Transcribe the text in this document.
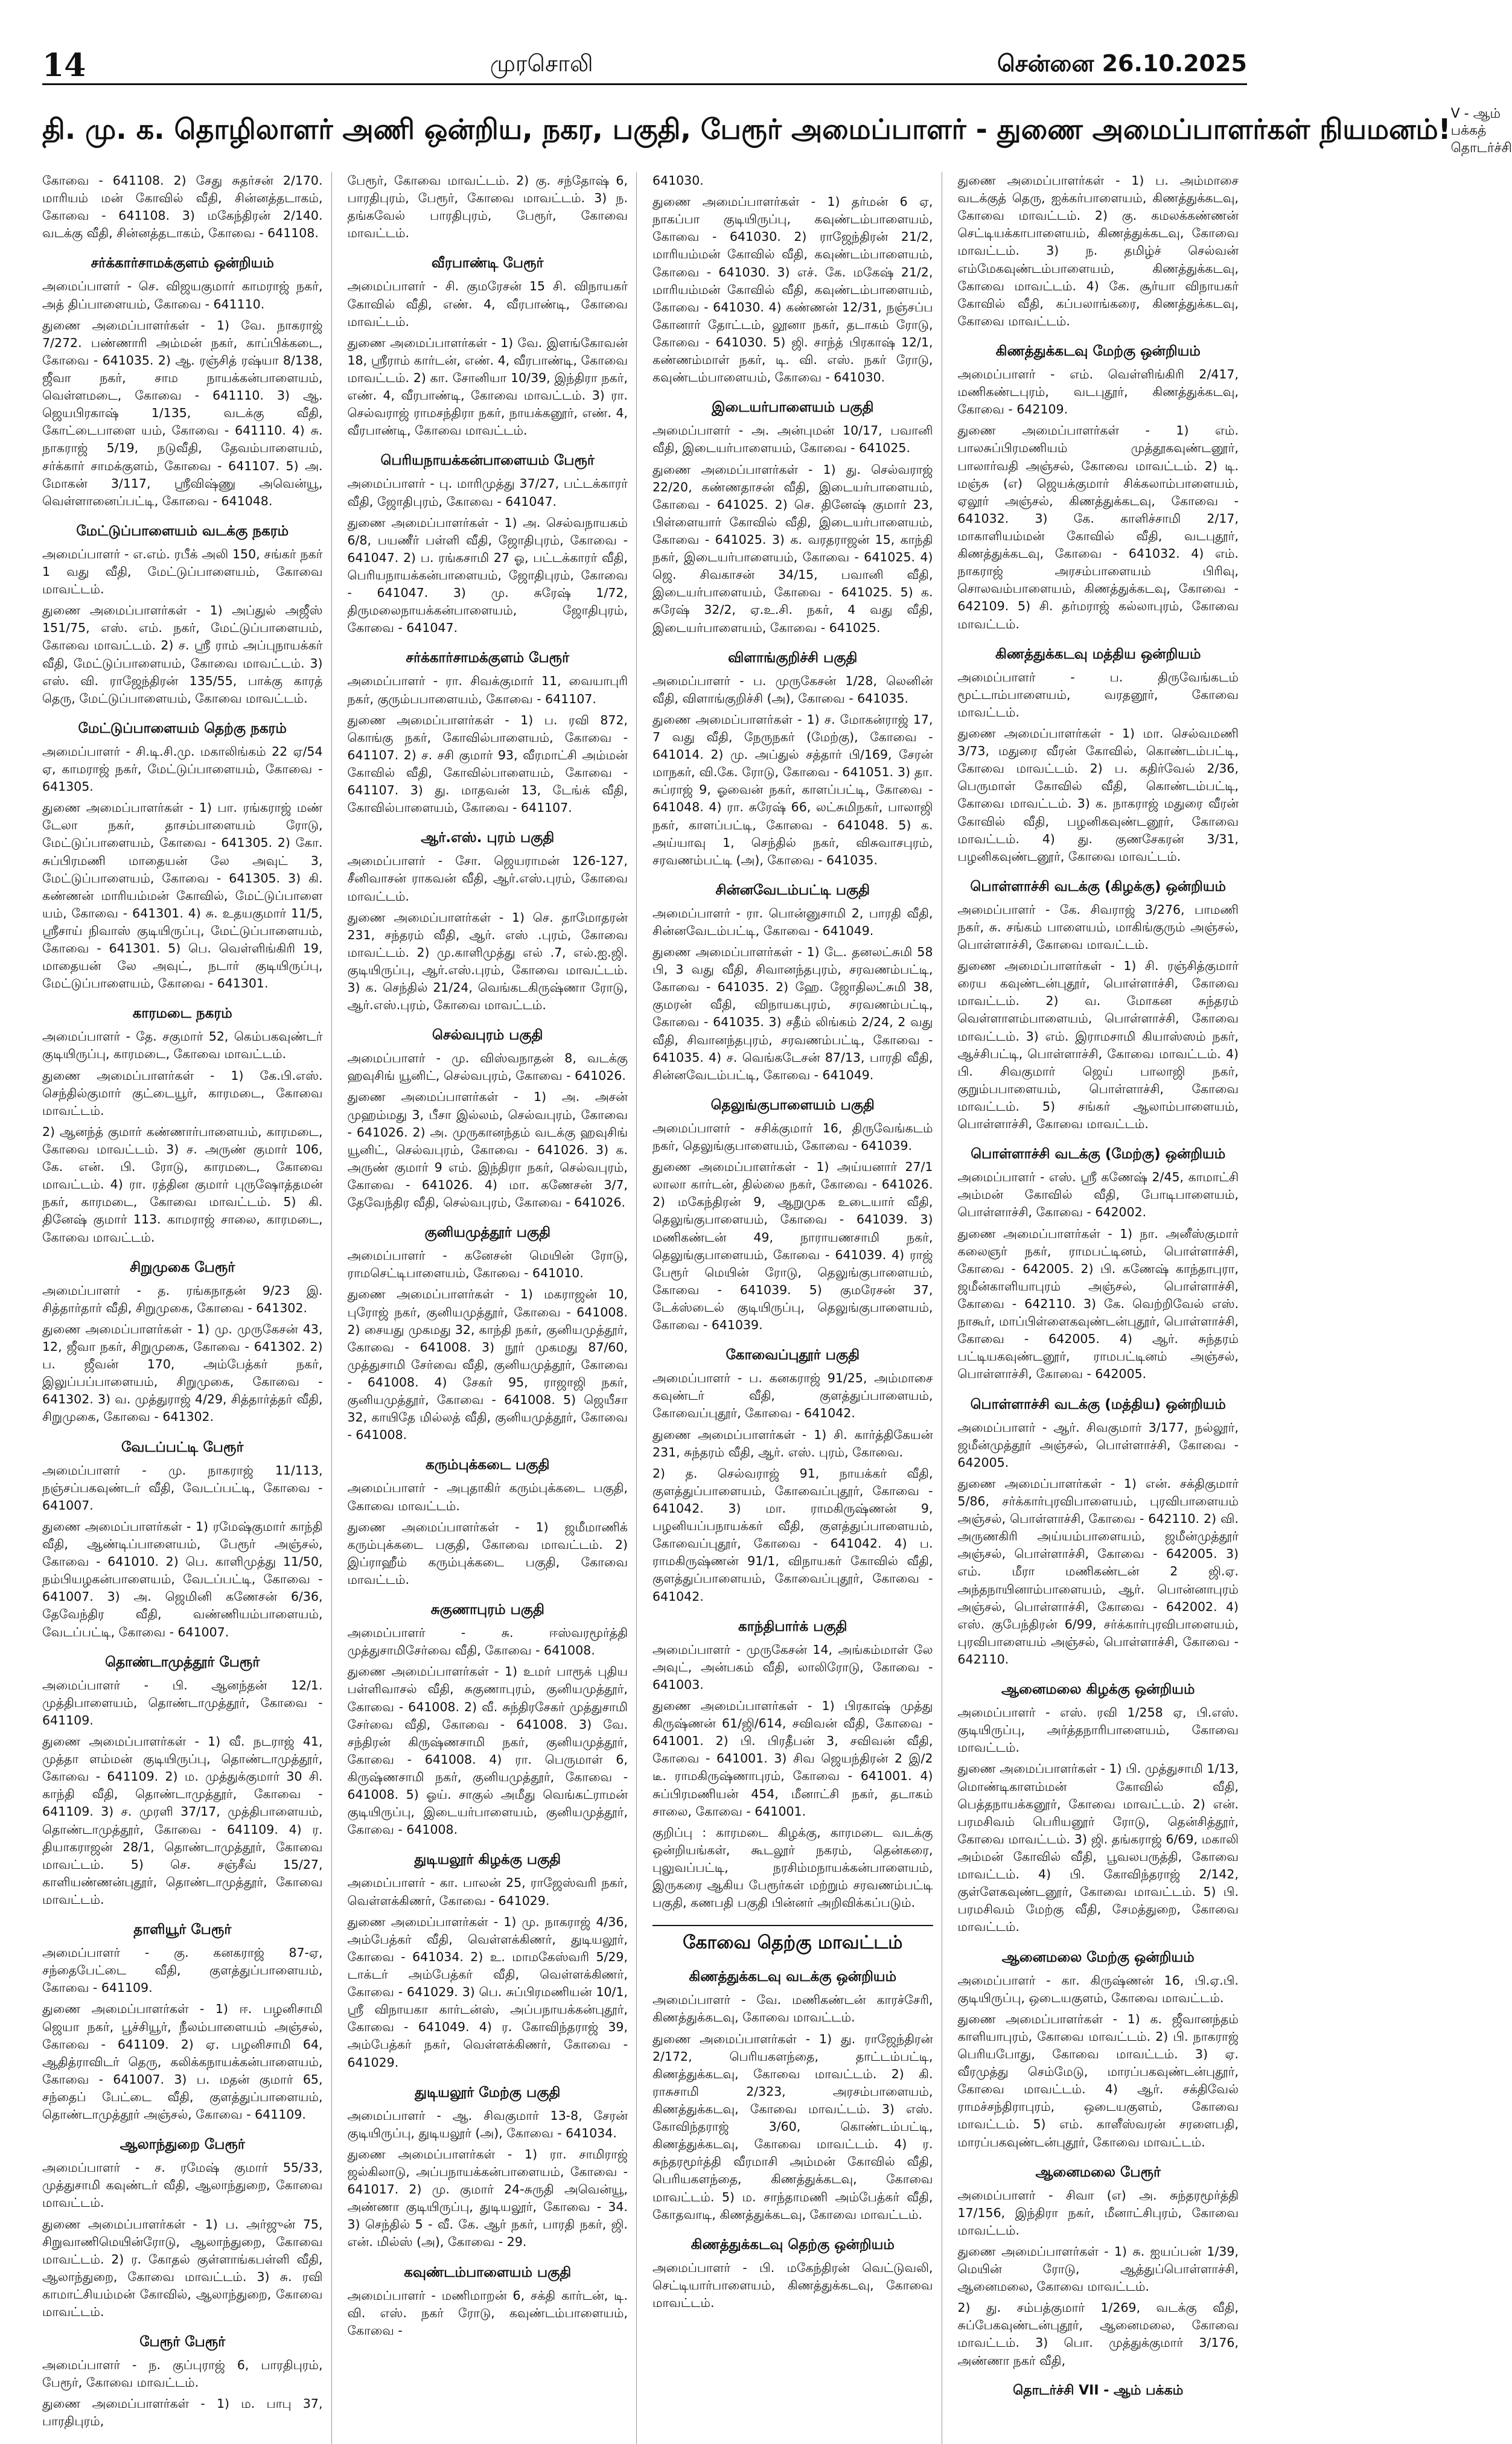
14	முரசொலி	சென்னை 26.10.2025
தி. மு. க. தொழிலாளர் அணி ஒன்றிய, நகர, பகுதி, பேரூர் அமைப்பாளர் - துணை அமைப்பாளர்கள் நியமனம்! V - ஆம் பக்கத் தொடர்ச்சி

கோவை - 641108. 2) சேது சுதர்சன் 2/170. மாரியம் மன் கோவில் வீதி, சின்னத்தடாகம், கோவை - 641108. 3) மகேந்திரன் 2/140. வடக்கு வீதி, சின்னத்தடாகம், கோவை - 641108.

சர்க்கார்சாமக்குளம் ஒன்றியம்

அமைப்பாளர் - செ. விஜயகுமார் காமராஜ் நகர், அத் திப்பாளையம், கோவை - 641110.

துணை அமைப்பாளர்கள் - 1) வே. நாகராஜ் 7/272. பண்ணாரி அம்மன் நகர், காப்பிக்கடை, கோவை - 641035. 2) ஆ. ரஞ்சித் ரஷ்யா 8/138, ஜீவா நகர், சாம நாயக்கன்பாளையம், வெள்ளமடை, கோவை - 641110. 3) ஆ. ஜெயபிரகாஷ் 1/135, வடக்கு வீதி, கோட்டைபாளை யம், கோவை - 641110. 4) சு. நாகராஜ் 5/19, நடுவீதி, தேவம்பாளையம், சர்க்கார் சாமக்குளம், கோவை - 641107. 5) அ. மோகன் 3/117, ஸ்ரீவிஷ்ணு அவென்யூ, வெள்ளானைப்பட்டி, கோவை - 641048.

மேட்டுப்பாளையம் வடக்கு நகரம்

அமைப்பாளர் - எ.எம். ரபீக் அலி 150, சங்கர் நகர் 1 வது வீதி, மேட்டுப்பாளையம், கோவை மாவட்டம்.

துணை அமைப்பாளர்கள் - 1) அப்துல் அஜீஸ் 151/75, எஸ். எம். நகர், மேட்டுப்பாளையம், கோவை மாவட்டம். 2) ச. ஸ்ரீ ராம் அப்புநாயக்கர் வீதி, மேட்டுப்பாளையம், கோவை மாவட்டம். 3) எஸ். வி. ராஜேந்திரன் 135/55, பாக்கு காரத் தெரு, மேட்டுப்பாளையம், கோவை மாவட்டம்.

மேட்டுப்பாளையம் தெற்கு நகரம்

அமைப்பாளர் - சி.டி.சி.மு. மகாலிங்கம் 22 ஏ/54 ஏ, காமராஜ் நகர், மேட்டுப்பாளையம், கோவை - 641305.

துணை அமைப்பாளர்கள் - 1) பா. ரங்கராஜ் மண் டேலா நகர், தாசம்பாளையம் ரோடு, மேட்டுப்பாளையம், கோவை - 641305. 2) கோ. சுப்பிரமணி மாதையன் லே அவுட் 3, மேட்டுப்பாளையம், கோவை - 641305. 3) கி. கண்ணன் மாரியம்மன் கோவில், மேட்டுப்பாளை யம், கோவை - 641301. 4) சு. உதயகுமார் 11/5, ஸ்ரீசாய் நிவாஸ் குடியிருப்பு, மேட்டுப்பாளையம், கோவை - 641301. 5) பெ. வெள்ளிங்கிரி 19, மாதையன் லே அவுட், நடார் குடியிருப்பு, மேட்டுப்பாளையம், கோவை - 641301.

காரமடை நகரம்

அமைப்பாளர் - தே. சகுமார் 52, கெம்பகவுண்டர் குடியிருப்பு, காரமடை, கோவை மாவட்டம்.

துணை அமைப்பாளர்கள் - 1) கே.பி.எஸ். செந்தில்குமார் குட்டையூர், காரமடை, கோவை மாவட்டம்.

2) ஆனந்த் குமார் கண்ணார்பாளையம், காரமடை, கோவை மாவட்டம். 3) ச. அருண் குமார் 106, கே. என். பி. ரோடு, காரமடை, கோவை மாவட்டம். 4) ரா. ரத்தின குமார் புருஷோத்தமன் நகர், காரமடை, கோவை மாவட்டம். 5) கி. தினேஷ் குமார் 113. காமராஜ் சாலை, காரமடை, கோவை மாவட்டம்.

சிறுமுகை பேரூர்

அமைப்பாளர் - த. ரங்கநாதன் 9/23 இ. சித்தார்தார் வீதி, சிறுமுகை, கோவை - 641302.

துணை அமைப்பாளர்கள் - 1) மு. முருகேசன் 43, 12, ஜீவா நகர், சிறுமுகை, கோவை - 641302. 2) ப. ஜீவன் 170, அம்பேத்கர் நகர், இலுப்பப்பாளையம், சிறுமுகை, கோவை - 641302. 3) வ. முத்துராஜ் 4/29, சித்தார்த்தர் வீதி, சிறுமுகை, கோவை - 641302.

வேடப்பட்டி பேரூர்

அமைப்பாளர் - மு. நாகராஜ் 11/113, நஞ்சப்பகவுண்டர் வீதி, வேடப்பட்டி, கோவை - 641007.

துணை அமைப்பாளர்கள் - 1) ரமேஷ்குமார் காந்தி வீதி, ஆண்டிப்பாளையம், பேரூர் அஞ்சல், கோவை - 641010. 2) பெ. காளிமுத்து 11/50, நம்பியழகன்பாளையம், வேடப்பட்டி, கோவை - 641007. 3) அ. ஜெமினி கணேசன் 6/36, தேவேந்திர வீதி, வண்ணியம்பாளையம், வேடப்பட்டி, கோவை - 641007.

தொண்டாமுத்தூர் பேரூர்

அமைப்பாளர் - பி. ஆனந்தன் 12/1. முத்திபாளையம், தொண்டாமுத்தூர், கோவை - 641109.

துணை அமைப்பாளர்கள் - 1) வீ. நடராஜ் 41, முத்தா ளம்மன் குடியிருப்பு, தொண்டாமுத்தூர், கோவை - 641109. 2) ம. முத்துக்குமார் 30 சி. காந்தி வீதி, தொண்டாமுத்தூர், கோவை - 641109. 3) ச. முரளி 37/17, முத்திபாளையம், தொண்டாமுத்தூர், கோவை - 641109. 4) ர. தியாகராஜன் 28/1, தொண்டாமுத்தூர், கோவை மாவட்டம். 5) செ. சஞ்சீவ் 15/27, காளியண்ணன்புதூர், தொண்டாமுத்தூர், கோவை மாவட்டம்.

தாளியூர் பேரூர்

அமைப்பாளர் - கு. கனகராஜ் 87-ஏ, சந்தைபேட்டை வீதி, குளத்துப்பாளையம், கோவை - 641109.

துணை அமைப்பாளர்கள் - 1) ஈ. பழனிசாமி ஜெயா நகர், பூச்சியூர், நீலம்பாளையம் அஞ்சல், கோவை - 641109. 2) ஏ. பழனிசாமி 64, ஆதித்ராவிடர் தெரு, கலிக்கநாயக்கன்பாளையம், கோவை - 641007. 3) ப. மதன் குமார் 65, சந்தைப் பேட்டை வீதி, குளத்துப்பாளையம், தொண்டாமுத்தூர் அஞ்சல், கோவை - 641109.

ஆலாந்துறை பேரூர்

அமைப்பாளர் - ச. ரமேஷ் குமார் 55/33, முத்துசாமி கவுண்டர் வீதி, ஆலாந்துறை, கோவை மாவட்டம்.

துணை அமைப்பாளர்கள் - 1) ப. அர்ஜுன் 75, சிறுவாணிமெயின்ரோடு, ஆலாந்துறை, கோவை மாவட்டம். 2) ர. கோதல் குள்ளாங்கபள்ளி வீதி, ஆலாந்துறை, கோவை மாவட்டம். 3) சு. ரவி காமாட்சியம்மன் கோவில், ஆலாந்துறை, கோவை மாவட்டம்.

பேரூர் பேரூர்

அமைப்பாளர் - ந. குப்புராஜ் 6, பாரதிபுரம், பேரூர், கோவை மாவட்டம்.

துணை அமைப்பாளர்கள் - 1) ம. பாபு 37, பாரதிபுரம்,

பேரூர், கோவை மாவட்டம். 2) கு. சந்தோஷ் 6, பாரதிபுரம், பேரூர், கோவை மாவட்டம். 3) ந. தங்கவேல் பாரதிபுரம், பேரூர், கோவை மாவட்டம்.

வீரபாண்டி பேரூர்

அமைப்பாளர் - சி. குமரேசன் 15 சி. விநாயகர் கோவில் வீதி, எண். 4, வீரபாண்டி, கோவை மாவட்டம்.

துணை அமைப்பாளர்கள் - 1) வே. இளங்கோவன் 18, ஸ்ரீராம் கார்டன், எண். 4, வீரபாண்டி, கோவை மாவட்டம். 2) கா. சோனியா 10/39, இந்திரா நகர், எண். 4, வீரபாண்டி, கோவை மாவட்டம். 3) ரா. செல்வராஜ் ராமசந்திரா நகர், நாயக்கனூர், எண். 4, வீரபாண்டி, கோவை மாவட்டம்.

பெரியநாயக்கன்பாளையம் பேரூர்

அமைப்பாளர் - பு. மாரிமுத்து 37/27, பட்டக்காரர் வீதி, ஜோதிபுரம், கோவை - 641047.

துணை அமைப்பாளர்கள் - 1) அ. செல்வநாயகம் 6/8, பயணீர் பள்ளி வீதி, ஜோதிபுரம், கோவை - 641047. 2) ப. ரங்கசாமி 27 ஓ, பட்டக்காரர் வீதி, பெரியநாயக்கன்பாளையம், ஜோதிபுரம், கோவை - 641047. 3) மு. சுரேஷ் 1/72, திருமலைநாயக்கன்பாளையம், ஜோதிபுரம், கோவை - 641047.

சர்க்கார்சாமக்குளம் பேரூர்

அமைப்பாளர் - ரா. சிவக்குமார் 11, வையாபுரி நகர், குரும்பபாளையம், கோவை - 641107.

துணை அமைப்பாளர்கள் - 1) ப. ரவி 872, கொங்கு நகர், கோவில்பாளையம், கோவை - 641107. 2) ச. சசி குமார் 93, வீரமாட்சி அம்மன் கோவில் வீதி, கோவில்பாளையம், கோவை - 641107. 3) து. மாதவன் 13, டேங்க் வீதி, கோவில்பாளையம், கோவை - 641107.

ஆர்.எஸ். புரம் பகுதி

அமைப்பாளர் - சோ. ஜெயராமன் 126-127, சீனிவாசன் ராகவன் வீதி, ஆர்.எஸ்.புரம், கோவை மாவட்டம்.

துணை அமைப்பாளர்கள் - 1) செ. தாமோதரன் 231, சந்தரம் வீதி, ஆர். எஸ் .புரம், கோவை மாவட்டம். 2) மு.காளிமுத்து எல் .7, எல்.ஐ.ஜி. குடியிருப்பு, ஆர்.எஸ்.புரம், கோவை மாவட்டம். 3) க. செந்தில் 21/24, வெங்கடகிருஷ்ணா ரோடு, ஆர்.எஸ்.புரம், கோவை மாவட்டம்.

செல்வபுரம் பகுதி

அமைப்பாளர் - மு. விஸ்வநாதன் 8, வடக்கு ஹவுசிங் யூனிட், செல்வபுரம், கோவை - 641026.

துணை அமைப்பாளர்கள் - 1) அ. அசன் முஹம்மது 3, பீசா இல்லம், செல்வபுரம், கோவை - 641026. 2) அ. முருகானந்தம் வடக்கு ஹவுசிங் யூனிட், செல்வபுரம், கோவை - 641026. 3) க. அருண் குமார் 9 எம். இந்திரா நகர், செல்வபுரம், கோவை - 641026. 4) மா. கணேசன் 3/7, தேவேந்திர வீதி, செல்வபுரம், கோவை - 641026.

குனியமுத்தூர் பகுதி

அமைப்பாளர் - கனேசன் மெயின் ரோடு, ராமசெட்டிபாளையம், கோவை - 641010.

துணை அமைப்பாளர்கள் - 1) மகராஜன் 10, புரோஜ் நகர், குனியமுத்தூர், கோவை - 641008. 2) சையது முகமது 32, காந்தி நகர், குனியமுத்தூர், கோவை - 641008. 3) நூர் முகமது 87/60, முத்துசாமி சேர்வை வீதி, குனியமுத்தூர், கோவை - 641008. 4) சேகர் 95, ராஜாஜி நகர், குனியமுத்தூர், கோவை - 641008. 5) ஜெயீசா 32, காயிதே மில்லத் வீதி, குனியமுத்தூர், கோவை - 641008.

கரும்புக்கடை பகுதி

அமைப்பாளர் - அபுதாகிர் கரும்புக்கடை பகுதி, கோவை மாவட்டம்.

துணை அமைப்பாளர்கள் - 1) ஜமீமாணிக் கரும்புக்கடை பகுதி, கோவை மாவட்டம். 2) இப்ராஹீம் கரும்புக்கடை பகுதி, கோவை மாவட்டம்.

சுகுணாபுரம் பகுதி

அமைப்பாளர் - சு. ஈஸ்வரமூர்த்தி முத்துசாமிசேர்வை வீதி, கோவை - 641008.

துணை அமைப்பாளர்கள் - 1) உமர் பாரூக் புதிய பள்ளிவாசல் வீதி, சுகுணாபுரம், குனியமுத்தூர், கோவை - 641008. 2) வீ. சுந்திரசேகர் முத்துசாமி சேர்வை வீதி, கோவை - 641008. 3) வே. சந்திரன் கிருஷ்ணசாமி நகர், குனியமுத்தூர், கோவை - 641008. 4) ரா. பெருமாள் 6, கிருஷ்ணசாமி நகர், குனியமுத்தூர், கோவை - 641008. 5) ஓய். சாகுல் அமீது வெங்கட்ராமன் குடியிருப்பு, இடையர்பாளையம், குனியமுத்தூர், கோவை - 641008.

துடியலூர் கிழக்கு பகுதி

அமைப்பாளர் - கா. பாலன் 25, ராஜேஸ்வரி நகர், வெள்ளக்கிணர், கோவை - 641029.

துணை அமைப்பாளர்கள் - 1) மு. நாகராஜ் 4/36, அம்பேத்கர் வீதி, வெள்ளக்கிணர், துடியலூர், கோவை - 641034. 2) உ. மாமகேஸ்வரி 5/29, டாக்டர் அம்பேத்கர் வீதி, வெள்ளக்கிணர், கோவை - 641029. 3) பெ. சுப்பிரமணியன் 10/1, ஸ்ரீ விநாயகா கார்டன்ஸ், அப்பநாயக்கன்புதூர், கோவை - 641049. 4) ர. கோவிந்தராஜ் 39, அம்பேத்கர் நகர், வெள்ளக்கிணர், கோவை - 641029.

துடியலூர் மேற்கு பகுதி

அமைப்பாளர் - ஆ. சிவகுமார் 13-8, சேரன் குடியிருப்பு, துடியலூர் (அ), கோவை - 641034.

துணை அமைப்பாளர்கள் - 1) ரா. சாமிராஜ் ஜல்கிலாடு, அப்பநாயக்கன்பாளையம், கோவை - 641017. 2) மு. குமார் 24-சுருதி அவென்யூ, அண்ணா குடியிருப்பு, துடியலூர், கோவை - 34. 3) செந்தில் 5 - வீ. கே. ஆர் நகர், பாரதி நகர், ஜி. என். மில்ஸ் (அ), கோவை - 29.

கவுண்டம்பாளையம் பகுதி

அமைப்பாளர் - மணிமாறன் 6, சக்தி கார்டன், டி. வி. எஸ். நகர் ரோடு, கவுண்டம்பாளையம், கோவை -

641030.

துணை அமைப்பாளர்கள் - 1) தர்மன் 6 ஏ, நாகப்பா குடியிருப்பு, கவுண்டம்பாளையம், கோவை - 641030. 2) ராஜேந்திரன் 21/2, மாரியம்மன் கோவில் வீதி, கவுண்டம்பாளையம், கோவை - 641030. 3) எச். கே. மகேஷ் 21/2, மாரியம்மன் கோவில் வீதி, கவுண்டம்பாளையம், கோவை - 641030. 4) கண்ணன் 12/31, நஞ்சப்ப கோனார் தோட்டம், லூனா நகர், தடாகம் ரோடு, கோவை - 641030. 5) ஜி. சாந்த் பிரகாஷ் 12/1, கண்ணம்மாள் நகர், டி. வி. எஸ். நகர் ரோடு, கவுண்டம்பாளையம், கோவை - 641030.

இடையர்பாளையம் பகுதி

அமைப்பாளர் - அ. அன்புமன் 10/17, பவானி வீதி, இடையர்பாளையம், கோவை - 641025.

துணை அமைப்பாளர்கள் - 1) து. செல்வராஜ் 22/20, கண்ணதாசன் வீதி, இடையர்பாளையம், கோவை - 641025. 2) செ. தினேஷ் குமார் 23, பிள்ளையார் கோவில் வீதி, இடையர்பாளையம், கோவை - 641025. 3) க. வரதராஜன் 15, காந்தி நகர், இடையர்பாளையம், கோவை - 641025. 4) ஜெ. சிவகாசன் 34/15, பவானி வீதி, இடையர்பாளையம், கோவை - 641025. 5) க. சுரேஷ் 32/2, ஏ.உ.சி. நகர், 4 வது வீதி, இடையர்பாளையம், கோவை - 641025.

விளாங்குறிச்சி பகுதி

அமைப்பாளர் - ப. முருகேசன் 1/28, லெனின் வீதி, விளாங்குறிச்சி (அ), கோவை - 641035.

துணை அமைப்பாளர்கள் - 1) ச. மோகன்ராஜ் 17, 7 வது வீதி, நேருநகர் (மேற்கு), கோவை - 641014. 2) மு. அப்துல் சத்தார் பி/169, சேரன் மாநகர், வி.கே. ரோடு, கோவை - 641051. 3) தா. சுப்ராஜ் 9, ஓவைன் நகர், காளப்பட்டி, கோவை - 641048. 4) ரா. சுரேஷ் 66, லட்சுமிநகர், பாலாஜி நகர், காளப்பட்டி, கோவை - 641048. 5) க. அய்யாவு 1, செந்தில் நகர், விசுவாசபுரம், சரவணம்பட்டி (அ), கோவை - 641035.

சின்னவேடம்பட்டி பகுதி

அமைப்பாளர் - ரா. பொன்னுசாமி 2, பாரதி வீதி, சின்னவேடம்பட்டி, கோவை - 641049.

துணை அமைப்பாளர்கள் - 1) டே. தனலட்சுமி 58 பி, 3 வது வீதி, சிவானந்தபுரம், சரவணம்பட்டி, கோவை - 641035. 2) ஹே. ஜோதிலட்சுமி 38, குமரன் வீதி, விநாயகபுரம், சரவணம்பட்டி, கோவை - 641035. 3) சதீம் லிங்கம் 2/24, 2 வது வீதி, சிவானந்தபுரம், சரவணம்பட்டி, கோவை - 641035. 4) ச. வெங்கடேசன் 87/13, பாரதி வீதி, சின்னவேடம்பட்டி, கோவை - 641049.

தெலுங்குபாளையம் பகுதி

அமைப்பாளர் - சசிக்குமார் 16, திருவேங்கடம் நகர், தெலுங்குபாளையம், கோவை - 641039.

துணை அமைப்பாளர்கள் - 1) அய்யனார் 27/1 லாலா கார்டன், தில்லை நகர், கோவை - 641026. 2) மகேந்திரன் 9, ஆறுமுக உடையார் வீதி, தெலுங்குபாளையம், கோவை - 641039. 3) மணிகண்டன் 49, நாராயணசாமி நகர், தெலுங்குபாளையம், கோவை - 641039. 4) ராஜ் பேரூர் மெயின் ரோடு, தெலுங்குபாளையம், கோவை - 641039. 5) குமரேசன் 37, டேக்ஸ்டைல் குடியிருப்பு, தெலுங்குபாளையம், கோவை - 641039.

கோவைப்புதூர் பகுதி

அமைப்பாளர் - ப. கனகராஜ் 91/25, அம்மாசை கவுண்டர் வீதி, குளத்துப்பாளையம், கோவைப்புதூர், கோவை - 641042.

துணை அமைப்பாளர்கள் - 1) சி. கார்த்திகேயன் 231, சுந்தரம் வீதி, ஆர். எஸ். புரம், கோவை.

2) த. செல்வராஜ் 91, நாயக்கர் வீதி, குளத்துப்பாளையம், கோவைப்புதூர், கோவை - 641042. 3) மா. ராமகிருஷ்ணன் 9, பழனியப்பநாயக்கர் வீதி, குளத்துப்பாளையம், கோவைப்புதூர், கோவை - 641042. 4) ப. ராமகிருஷ்ணன் 91/1, விநாயகர் கோவில் வீதி, குளத்துப்பாளையம், கோவைப்புதூர், கோவை - 641042.

காந்திபார்க் பகுதி

அமைப்பாளர் - முருகேசன் 14, அங்கம்மாள் லே அவுட், அன்பகம் வீதி, லாலிரோடு, கோவை - 641003.

துணை அமைப்பாளர்கள் - 1) பிரகாஷ் முத்து கிருஷ்ணன் 61/ஜி/614, சவிவன் வீதி, கோவை - 641001. 2) பி. பிரதீபன் 3, சவிவன் வீதி, கோவை - 641001. 3) சிவ ஜெயந்திரன் 2 இ/2 டீ. ராமகிருஷ்ணாபுரம், கோவை - 641001. 4) சுப்பிரமணியன் 454, மீனாட்சி நகர், தடாகம் சாலை, கோவை - 641001.

குறிப்பு : காரமடை கிழக்கு, காரமடை வடக்கு ஒன்றியங்கள், கூடலூர் நகரம், தென்கரை, புலுவப்பட்டி, நரசிம்மநாயக்கன்பாளையம், இருகரை ஆகிய பேரூர்கள் மற்றும் சரவணம்பட்டி பகுதி, கணபதி பகுதி பின்னர் அறிவிக்கப்படும்.

கோவை தெற்கு மாவட்டம்
கிணத்துக்கடவு வடக்கு ஒன்றியம்

அமைப்பாளர் - வே. மணிகண்டன் காரச்சேரி, கிணத்துக்கடவு, கோவை மாவட்டம்.

துணை அமைப்பாளர்கள் - 1) து. ராஜேந்திரன் 2/172, பெரியகளந்தை, தாட்டம்பட்டி, கிணத்துக்கடவு, கோவை மாவட்டம். 2) கி. ராசுசாமி 2/323, அரசம்பாளையம், கிணத்துக்கடவு, கோவை மாவட்டம். 3) எஸ். கோவிந்தராஜ் 3/60, கொண்டம்பட்டி, கிணத்துக்கடவு, கோவை மாவட்டம். 4) ர. சுந்தரமூர்த்தி வீரமாசி அம்மன் கோவில் வீதி, பெரியகளந்தை, கிணத்துக்கடவு, கோவை மாவட்டம். 5) ம. சாந்தாமணி அம்பேத்கர் வீதி, கோதவாடி, கிணத்துக்கடவு, கோவை மாவட்டம்.

கிணத்துக்கடவு தெற்கு ஒன்றியம்

அமைப்பாளர் - பி. மகேந்திரன் வெட்டுவலி, செட்டியார்பாளையம், கிணத்துக்கடவு, கோவை மாவட்டம்.

துணை அமைப்பாளர்கள் - 1) ப. அம்மாசை வடக்குத் தெரு, ஐக்கர்பாளையம், கிணத்துக்கடவு, கோவை மாவட்டம். 2) கு. கமலக்கண்ணன் செட்டியக்காபாளையம், கிணத்துக்கடவு, கோவை மாவட்டம். 3) ந. தமிழ்ச் செல்வன் எம்மேகவுண்டம்பாளையம், கிணத்துக்கடவு, கோவை மாவட்டம். 4) கே. சூர்யா விநாயகர் கோவில் வீதி, கப்பலாங்கரை, கிணத்துக்கடவு, கோவை மாவட்டம்.

கிணத்துக்கடவு மேற்கு ஒன்றியம்

அமைப்பாளர் - எம். வெள்ளிங்கிரி 2/417, மணிகண்டபுரம், வடபுதூர், கிணத்துக்கடவு, கோவை - 642109.

துணை அமைப்பாளர்கள் - 1) எம். பாலசுப்பிரமணியம் முத்தூகவுண்டனூர், பாலார்வதி அஞ்சல், கோவை மாவட்டம். 2) டி. மஞ்சு (எ) ஜெயக்குமார் சிக்கலாம்பாளையம், ஏலூர் அஞ்சல், கிணத்துக்கடவு, கோவை - 641032. 3) கே. காளிச்சாமி 2/17, மாகாளியம்மன் கோவில் வீதி, வடபுதூர், கிணத்துக்கடவு, கோவை - 641032. 4) எம். நாகராஜ் அரசம்பாளையம் பிரிவு, சொலவம்பாளையம், கிணத்துக்கடவு, கோவை - 642109. 5) சி. தர்மராஜ் கல்லாபுரம், கோவை மாவட்டம்.

கிணத்துக்கடவு மத்திய ஒன்றியம்

அமைப்பாளர் - ப. திருவேங்கடம் மூட்டாம்பாளையம், வரதனூர், கோவை மாவட்டம்.

துணை அமைப்பாளர்கள் - 1) மா. செல்வமணி 3/73, மதுரை வீரன் கோவில், கொண்டம்பட்டி, கோவை மாவட்டம். 2) ப. கதிர்வேல் 2/36, பெருமாள் கோவில் வீதி, கொண்டம்பட்டி, கோவை மாவட்டம். 3) க. நாகராஜ் மதுரை வீரன் கோவில் வீதி, பழனிகவுண்டனூர், கோவை மாவட்டம். 4) து. குணசேகரன் 3/31, பழனிகவுண்டனூர், கோவை மாவட்டம்.

பொள்ளாச்சி வடக்கு (கிழக்கு) ஒன்றியம்

அமைப்பாளர் - கே. சிவராஜ் 3/276, பாமணி நகர், சு. சங்கம் பாளையம், மாகிங்குரும் அஞ்சல், பொள்ளாச்சி, கோவை மாவட்டம்.

துணை அமைப்பாளர்கள் - 1) சி. ரஞ்சித்குமார் ரைய கவுண்டன்புதூர், பொள்ளாச்சி, கோவை மாவட்டம். 2) வ. மோகன சுந்தரம் வெள்ளாளம்பாளையம், பொள்ளாச்சி, கோவை மாவட்டம். 3) எம். இராமசாமி கியாஸ்ஸம் நகர், ஆச்சிபட்டி, பொள்ளாச்சி, கோவை மாவட்டம். 4) பி. சிவகுமார் ஜெய் பாலாஜி நகர், குறும்பபாளையம், பொள்ளாச்சி, கோவை மாவட்டம். 5) சங்கர் ஆலாம்பாளையம், பொள்ளாச்சி, கோவை மாவட்டம்.

பொள்ளாச்சி வடக்கு (மேற்கு) ஒன்றியம்

அமைப்பாளர் - எஸ். ஸ்ரீ கணேஷ் 2/45, காமாட்சி அம்மன் கோவில் வீதி, போடிபாளையம், பொள்ளாச்சி, கோவை - 642002.

துணை அமைப்பாளர்கள் - 1) நா. அனீஸ்குமார் கலைஞர் நகர், ராமபட்டினம், பொள்ளாச்சி, கோவை - 642005. 2) பி. கணேஷ் காந்தாபுரா, ஜமீன்காளியாபுரம் அஞ்சல், பொள்ளாச்சி, கோவை - 642110. 3) கே. வெற்றிவேல் எஸ். நாகூர், மாப்பிள்ளைகவுண்டன்புதூர், பொள்ளாச்சி, கோவை - 642005. 4) ஆர். சுந்தரம் பட்டியகவுண்டனூர், ராமபட்டினம் அஞ்சல், பொள்ளாச்சி, கோவை - 642005.

பொள்ளாச்சி வடக்கு (மத்திய) ஒன்றியம்

அமைப்பாளர் - ஆர். சிவகுமார் 3/177, நல்லூர், ஜமீன்முத்தூர் அஞ்சல், பொள்ளாச்சி, கோவை - 642005.

துணை அமைப்பாளர்கள் - 1) என். சக்திகுமார் 5/86, சர்க்கார்புரவிபாளையம், புரவிபாளையம் அஞ்சல், பொள்ளாச்சி, கோவை - 642110. 2) வி. அருணகிரி அய்யம்பாளையம், ஜமீன்முத்தூர் அஞ்சல், பொள்ளாச்சி, கோவை - 642005. 3) எம். மீரா மணிகண்டன் 2 ஜி.ஏ. அந்தநாயினாம்பாளையம், ஆர். பொன்னாபுரம் அஞ்சல், பொள்ளாச்சி, கோவை - 642002. 4) எஸ். குபேந்திரன் 6/99, சர்க்கார்புரவிபாளையம், புரவிபாளையம் அஞ்சல், பொள்ளாச்சி, கோவை - 642110.

ஆனைமலை கிழக்கு ஒன்றியம்

அமைப்பாளர் - எஸ். ரவி 1/258 ஏ, பி.எஸ். குடியிருப்பு, அர்த்தநாரிபாளையம், கோவை மாவட்டம்.

துணை அமைப்பாளர்கள் - 1) பி. முத்துசாமி 1/13, மொண்டிகாளம்மன் கோவில் வீதி, பெத்தநாயக்கனூர், கோவை மாவட்டம். 2) என். பரமசிவம் பெரியனூர் ரோடு, தென்சித்தூர், கோவை மாவட்டம். 3) ஜி. தங்கராஜ் 6/69, மகாலி அம்மன் கோவில் வீதி, பூவலபருத்தி, கோவை மாவட்டம். 4) பி. கோவிந்தராஜ் 2/142, குள்ளேகவுண்டனூர், கோவை மாவட்டம். 5) பி. பரமசிவம் மேற்கு வீதி, சேமத்துறை, கோவை மாவட்டம்.

ஆனைமலை மேற்கு ஒன்றியம்

அமைப்பாளர் - கா. கிருஷ்ணன் 16, பி.ஏ.பி. குடியிருப்பு, ஒடையகுளம், கோவை மாவட்டம்.

துணை அமைப்பாளர்கள் - 1) க. ஜீவானந்தம் காளியாபுரம், கோவை மாவட்டம். 2) பி. நாகராஜ் பெரியபோது, கோவை மாவட்டம். 3) ஏ. வீரமுத்து செம்மேடு, மாரப்பகவுண்டன்புதூர், கோவை மாவட்டம். 4) ஆர். சக்திவேல் ராமச்சந்திராபுரம், ஒடையகுளம், கோவை மாவட்டம். 5) எம். காளீஸ்வரன் சரளைபதி, மாரப்பகவுண்டன்புதூர், கோவை மாவட்டம்.

ஆனைமலை பேரூர்

அமைப்பாளர் - சிவா (எ) அ. சுந்தரமூர்த்தி 17/156, இந்திரா நகர், மீனாட்சிபுரம், கோவை மாவட்டம்.

துணை அமைப்பாளர்கள் - 1) சு. ஐயப்பன் 1/39, மெயின் ரோடு, ஆத்துப்பொள்ளாச்சி, ஆனைமலை, கோவை மாவட்டம்.

2) து. சம்பத்குமார் 1/269, வடக்கு வீதி, சுப்பேகவுண்டன்புதூர், ஆனைமலை, கோவை மாவட்டம். 3) பொ. முத்துக்குமார் 3/176, அண்ணா நகர் வீதி,

தொடர்ச்சி VII - ஆம் பக்கம்
